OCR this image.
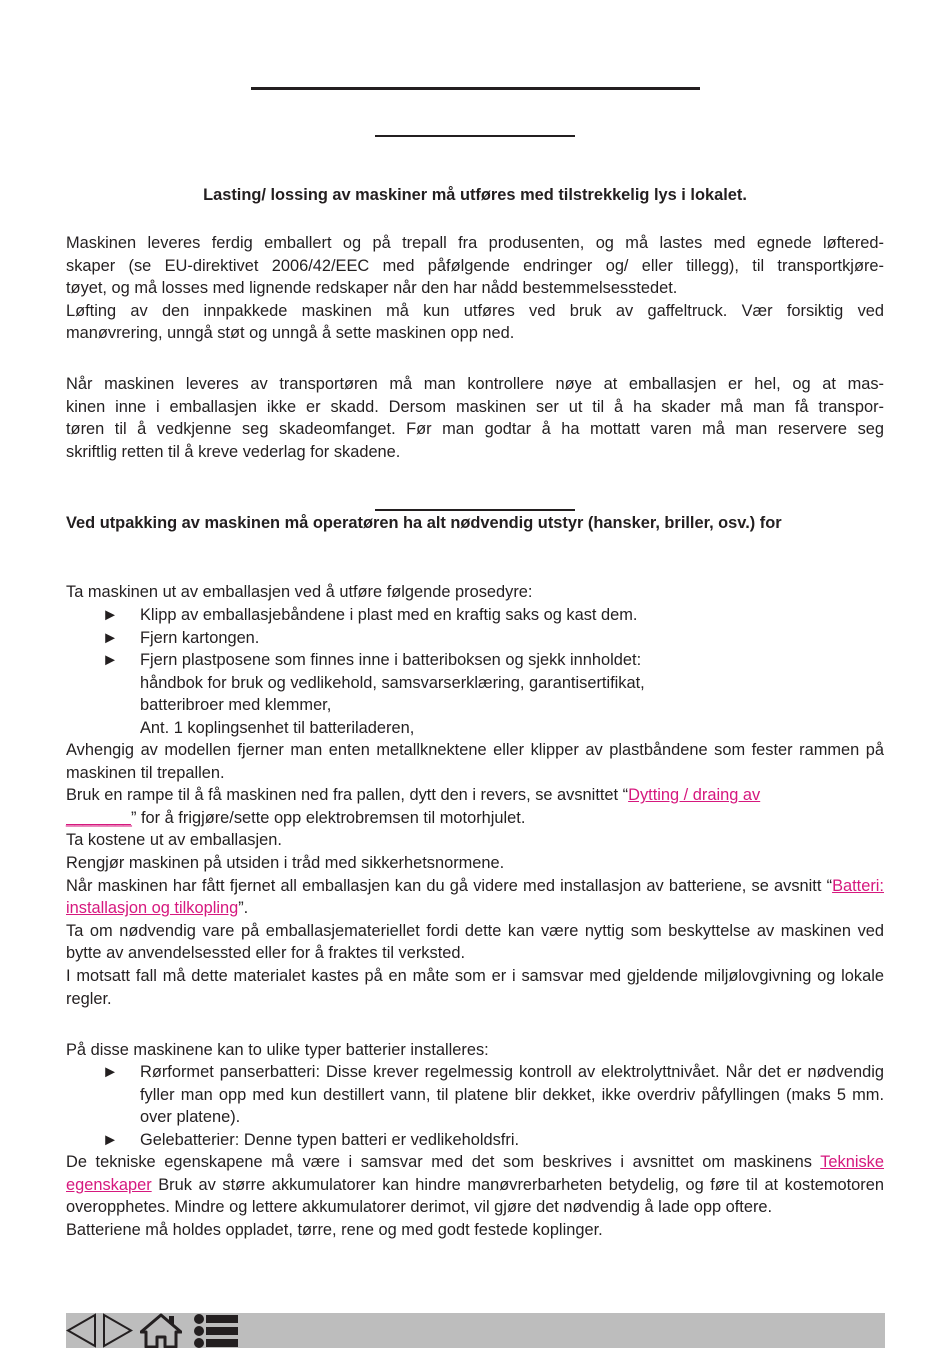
Lasting/ lossing av maskiner må utføres med tilstrekkelig lys i lokalet.

Maskinen leveres ferdig emballert og på trepall fra produsenten, og må lastes med egnede løftered-
skaper (se EU-direktivet 2006/42/EEC med påfølgende endringer og/ eller tillegg), til transportkjøre-
tøyet, og må losses med lignende redskaper når den har nådd bestemmelsesstedet.
Løfting av den innpakkede maskinen må kun utføres ved bruk av gaffeltruck. Vær forsiktig ved
manøvrering, unngå støt og unngå å sette maskinen opp ned.
Når maskinen leveres av transportøren må man kontrollere nøye at emballasjen er hel, og at mas-
kinen inne i emballasjen ikke er skadd. Dersom maskinen ser ut til å ha skader må man få transpor-
tøren til å vedkjenne seg skadeomfanget. Før man godtar å ha mottatt varen må man reservere seg
skriftlig retten til å kreve vederlag for skadene.

Ved utpakking av maskinen må operatøren ha alt nødvendig utstyr (hansker, briller, osv.) for

Ta maskinen ut av emballasjen ved å utføre følgende prosedyre:

► Klipp av emballasjebåndene i plast med en kraftig saks og kast dem.
► Fjern kartongen.
► Fjern plastposene som finnes inne i batteriboksen og sjekk innholdet:
håndbok for bruk og vedlikehold, samsvarserklæring, garantisertifikat,
batteribroer med klemmer,
Ant. 1 koplingsenhet til batteriladeren,
Avhengig av modellen fjerner man enten metallknektene eller klipper av plastbåndene som fester rammen på maskinen til trepallen.
Bruk en rampe til å få maskinen ned fra pallen, dytt den i revers, se avsnittet “Dytting / draing av
________” for å frigjøre/sette opp elektrobremsen til motorhjulet.
Ta kostene ut av emballasjen.
Rengjør maskinen på utsiden i tråd med sikkerhetsnormene.
Når maskinen har fått fjernet all emballasjen kan du gå videre med installasjon av batteriene, se avsnitt “Batteri: installasjon og tilkopling”.
Ta om nødvendig vare på emballasjemateriellet fordi dette kan være nyttig som beskyttelse av maskinen ved bytte av anvendelsessted eller for å fraktes til verksted.
I motsatt fall må dette materialet kastes på en måte som er i samsvar med gjeldende miljølovgivning og lokale regler.

På disse maskinene kan to ulike typer batterier installeres:

► Rørformet panserbatteri: Disse krever regelmessig kontroll av elektrolyttnivået. Når det er nødvendig fyller man opp med kun destillert vann, til platene blir dekket, ikke overdriv påfyllingen (maks 5 mm. over platene).
► Gelebatterier: Denne typen batteri er vedlikeholdsfri.
De tekniske egenskapene må være i samsvar med det som beskrives i avsnittet om maskinens Tekniske egenskaper Bruk av større akkumulatorer kan hindre manøvrerbarheten betydelig, og føre til at kostemotoren overopphetes. Mindre og lettere akkumulatorer derimot, vil gjøre det nødvendig å lade opp oftere.
Batteriene må holdes oppladet, tørre, rene og med godt festede koplinger.
